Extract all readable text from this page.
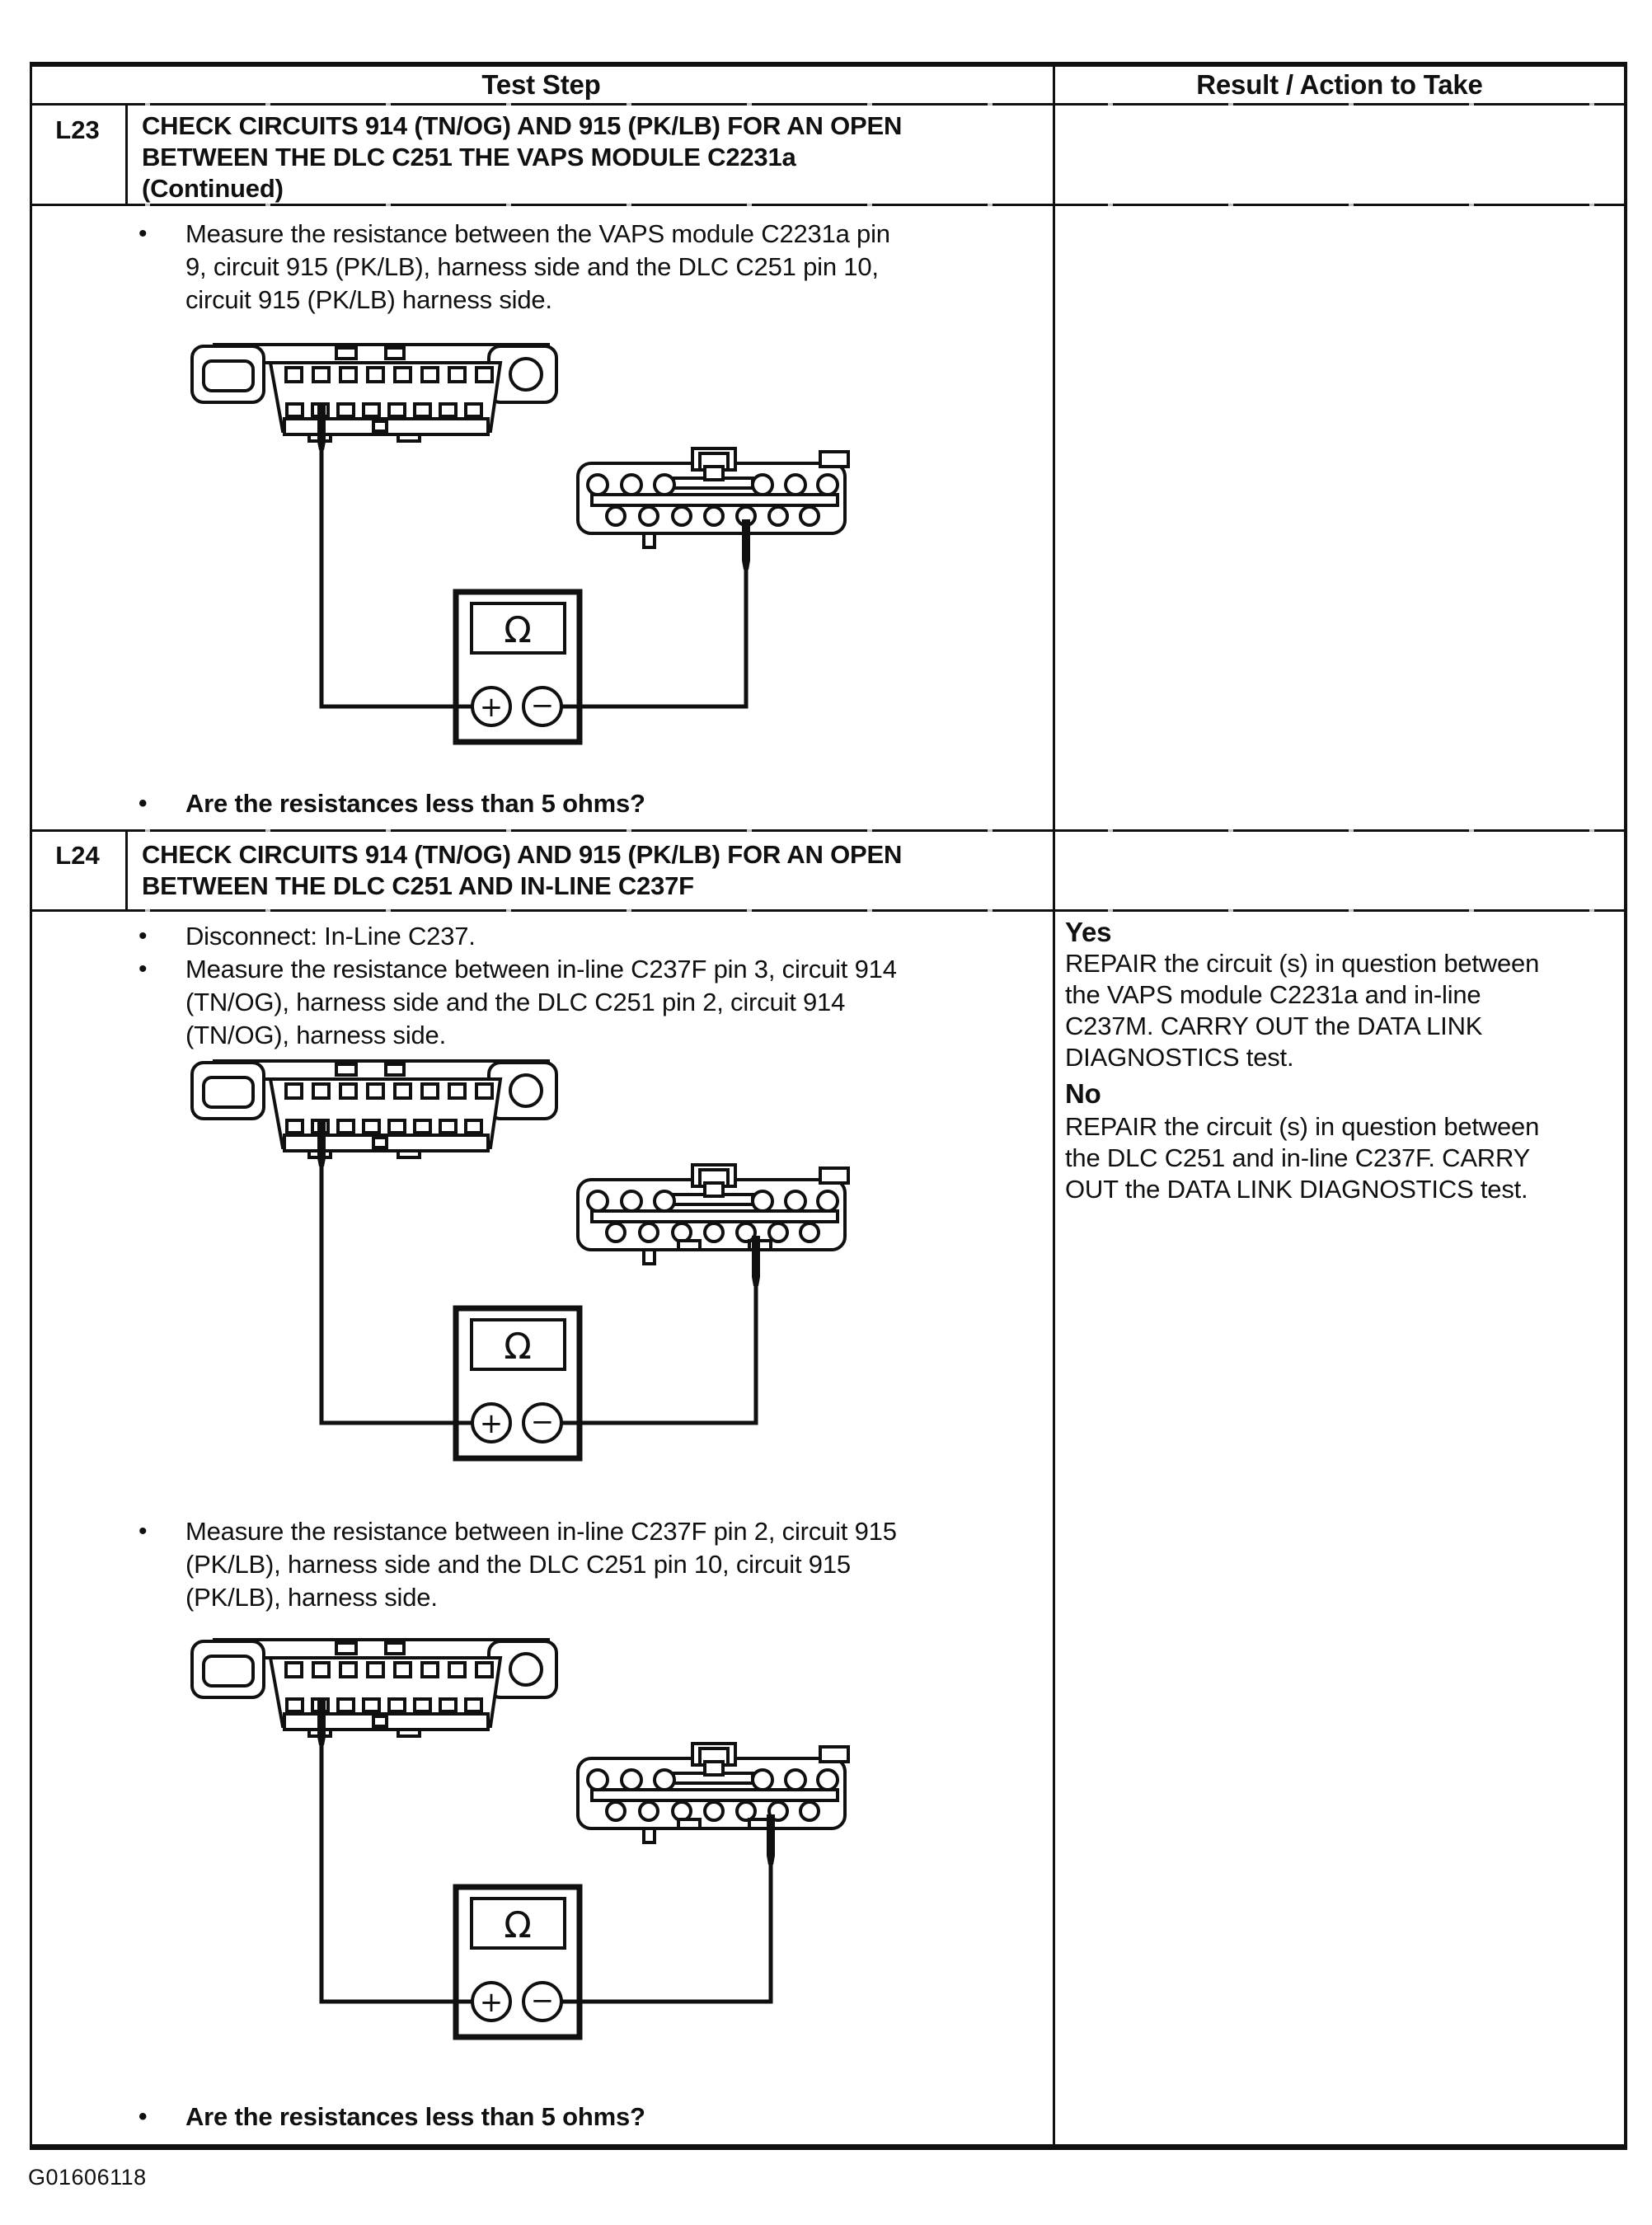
Test Step	Result / Action to Take
L23	CHECK CIRCUITS 914 (TN/OG) AND 915 (PK/LB) FOR AN OPEN
BETWEEN THE DLC C251 THE VAPS MODULE C2231a
(Continued)
• Measure the resistance between the VAPS module C2231a pin
9, circuit 915 (PK/LB), harness side and the DLC C251 pin 10,
circuit 915 (PK/LB) harness side.
Ω
+ −
• Are the resistances less than 5 ohms?
L24	CHECK CIRCUITS 914 (TN/OG) AND 915 (PK/LB) FOR AN OPEN
BETWEEN THE DLC C251 AND IN-LINE C237F
• Disconnect: In-Line C237.
• Measure the resistance between in-line C237F pin 3, circuit 914
(TN/OG), harness side and the DLC C251 pin 2, circuit 914
(TN/OG), harness side.
Ω
+ −
• Measure the resistance between in-line C237F pin 2, circuit 915
(PK/LB), harness side and the DLC C251 pin 10, circuit 915
(PK/LB), harness side.
Ω
+ −
• Are the resistances less than 5 ohms?
Yes
REPAIR the circuit (s) in question between
the VAPS module C2231a and in-line
C237M. CARRY OUT the DATA LINK
DIAGNOSTICS test.
No
REPAIR the circuit (s) in question between
the DLC C251 and in-line C237F. CARRY
OUT the DATA LINK DIAGNOSTICS test.
G01606118
